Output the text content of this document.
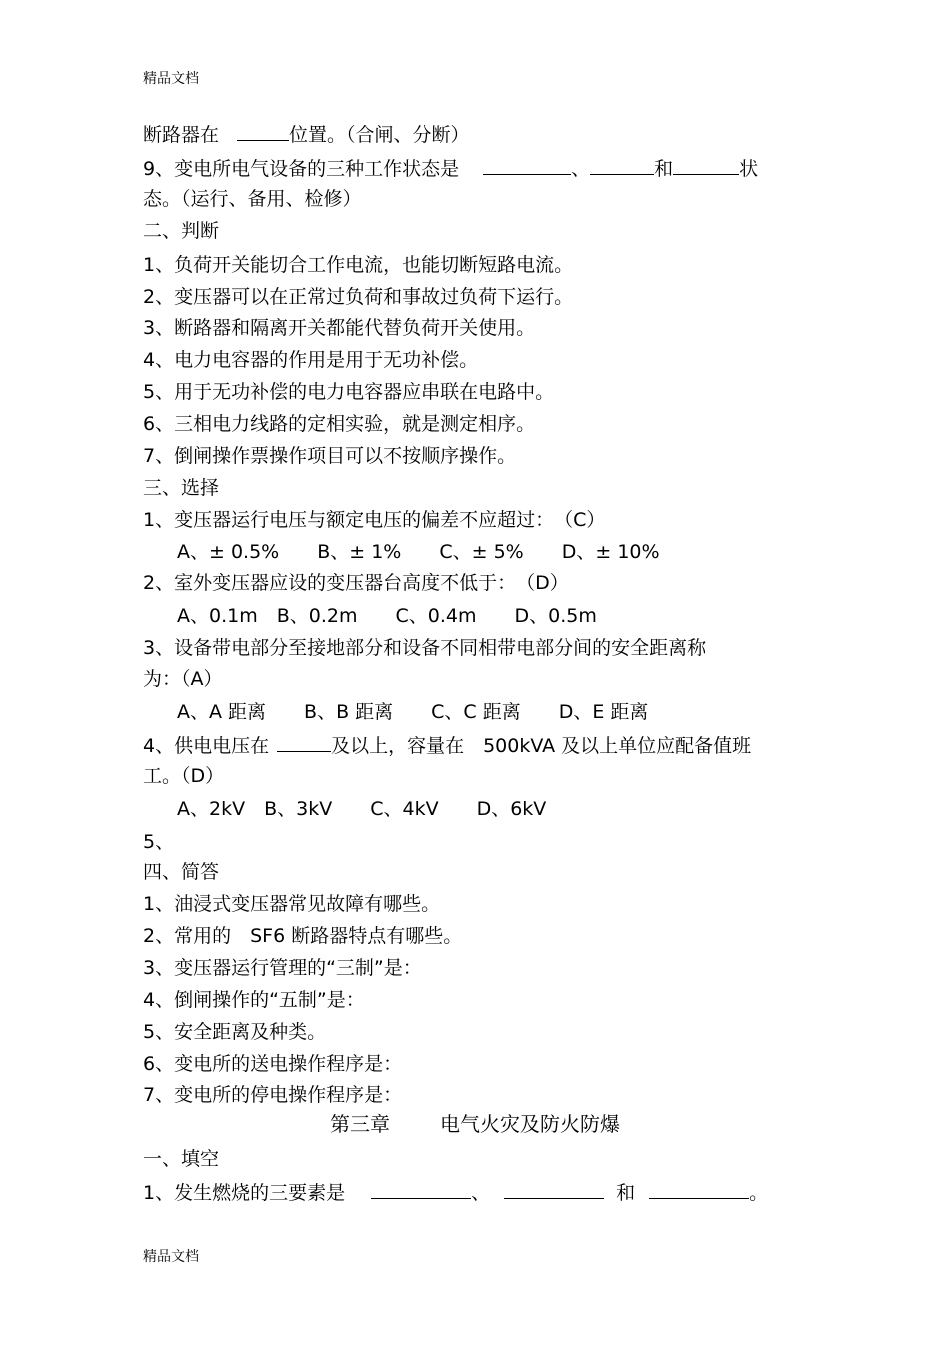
精品文档
断路器在	位置。（合闸、分断）
9、变电所电气设备的三种工作状态是	、	和	状
态。（运行、备用、检修）
二、判断
1、负荷开关能切合工作电流，也能切断短路电流。
2、变压器可以在正常过负荷和事故过负荷下运行。
3、断路器和隔离开关都能代替负荷开关使用。
4、电力电容器的作用是用于无功补偿。
5、用于无功补偿的电力电容器应串联在电路中。
6、三相电力线路的定相实验，就是测定相序。
7、倒闸操作票操作项目可以不按顺序操作。
三、选择
1、变压器运行电压与额定电压的偏差不应超过：　（C）
A、± 0.5%　　B、± 1%　　C、± 5%　　D、± 10%
2、室外变压器应设的变压器台高度不低于：　（D）
A、0.1m　B、0.2m　　C、0.4m　　D、0.5m
3、设备带电部分至接地部分和设备不同相带电部分间的安全距离称
为：（A）
A、A 距离　　B、B 距离　　C、C 距离　　D、E 距离
4、供电电压在	及以上，容量在　500kVA 及以上单位应配备值班
工。（D）
A、2kV　B、3kV　　C、4kV　　D、6kV
5、
四、简答
1、油浸式变压器常见故障有哪些。
2、常用的　SF6 断路器特点有哪些。
3、变压器运行管理的“三制”是：
4、倒闸操作的“五制”是：
5、安全距离及种类。
6、变电所的送电操作程序是：
7、变电所的停电操作程序是：
第三章	电气火灾及防火防爆
一、填空
1、发生燃烧的三要素是	、	和	。
精品文档
